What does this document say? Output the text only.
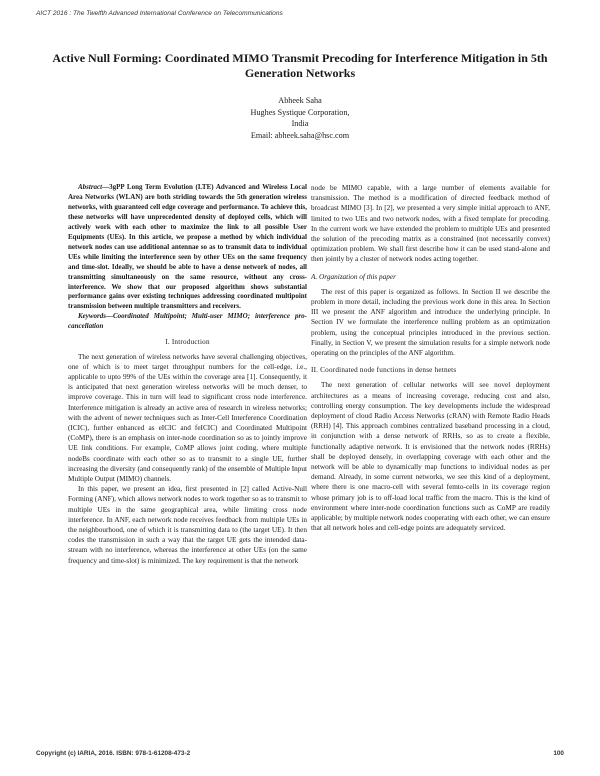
AICT 2016 : The Twelfth Advanced International Conference on Telecommunications
Active Null Forming: Coordinated MIMO Transmit Precoding for Interference Mitigation in 5th Generation Networks
Abheek Saha
Hughes Systique Corporation,
India
Email: abheek.saha@hsc.com

Abstract—3gPP Long Term Evolution (LTE) Advanced and Wireless Local Area Networks (WLAN) are both striding towards the 5th generation wireless networks, with guaranteed cell edge coverage and performance. To achieve this, these networks will have unprecedented density of deployed cells, which will actively work with each other to maximize the link to all possible User Equipments (UEs). In this article, we propose a method by which individual network nodes can use additional antennae so as to transmit data to individual UEs while limiting the interference seen by other UEs on the same frequency and time-slot. Ideally, we should be able to have a dense network of nodes, all transmitting simultaneously on the same resource, without any cross-interference. We show that our proposed algorithm shows substantial performance gains over existing techniques addressing coordinated multipoint transmission between multiple transmitters and receivers.

Keywords—Coordinated Multipoint; Multi-user MIMO; interference pro-cancellation

I. Introduction

The next generation of wireless networks have several challenging objectives, one of which is to meet target throughput numbers for the cell-edge, i.e., applicable to upto 99% of the UEs within the coverage area [1]. Consequently, it is anticipated that next generation wireless networks will be much denser, to improve coverage. This in turn will lead to significant cross node interference. Interference mitigation is already an active area of research in wireless networks; with the advent of newer techniques such as Inter-Cell Interference Coordination (ICIC), further enhanced as eICIC and feICIC) and Coordinated Multipoint (CoMP), there is an emphasis on inter-node coordination so as to jointly improve UE link conditions. For example, CoMP allows joint coding, where multiple nodeBs coordinate with each other so as to transmit to a single UE, further increasing the diversity (and consequently rank) of the ensemble of Multiple Input Multiple Output (MIMO) channels.

In this paper, we present an idea, first presented in [2] called Active-Null Forming (ANF), which allows network nodes to work together so as to transmit to multiple UEs in the same geographical area, while limiting cross node interference. In ANF, each network node receives feedback from multiple UEs in the neighbourhood, one of which it is transmitting data to (the target UE). It then codes the transmission in such a way that the target UE gets the intended data-stream with no interference, whereas the interference at other UEs (on the same frequency and time-slot) is minimized. The key requirement is that the network

node be MIMO capable, with a large number of elements available for transmission. The method is a modification of directed feedback method of broadcast MIMO [3]. In [2], we presented a very simple initial approach to ANF, limited to two UEs and two network nodes, with a fixed template for precoding. In the current work we have extended the problem to multiple UEs and presented the solution of the precoding matrix as a constrained (not necessarily convex) optimization problem. We shall first describe how it can be used stand-alone and then jointly by a cluster of network nodes acting together.

A. Organization of this paper

The rest of this paper is organized as follows. In Section II we describe the problem in more detail, including the previous work done in this area. In Section III we present the ANF algorithm and introduce the underlying principle. In Section IV we formulate the interference nulling problem as an optimization problem, using the conceptual principles introduced in the previous section. Finally, in Section V, we present the simulation results for a simple network node operating on the principles of the ANF algorithm.

II. Coordinated node functions in dense hetnets

The next generation of cellular networks will see novel deployment architectures as a means of increasing coverage, reducing cost and also, controlling energy consumption. The key developments include the widespread deployment of cloud Radio Access Networks (cRAN) with Remote Radio Heads (RRH) [4]. This approach combines centralized baseband processing in a cloud, in conjunction with a dense network of RRHs, so as to create a flexible, functionally adaptive network. It is envisioned that the network nodes (RRHs) shall be deployed densely, in overlapping coverage with each other and the network will be able to dynamically map functions to individual nodes as per demand. Already, in some current networks, we see this kind of a deployment, where there is one macro-cell with several femto-cells in its coverage region whose primary job is to off-load local traffic from the macro. This is the kind of environment where inter-node coordination functions such as CoMP are readily applicable; by multiple network nodes cooperating with each other, we can ensure that all network holes and cell-edge points are adequately serviced.

Copyright (c) IARIA, 2016. ISBN: 978-1-61208-473-2	100
